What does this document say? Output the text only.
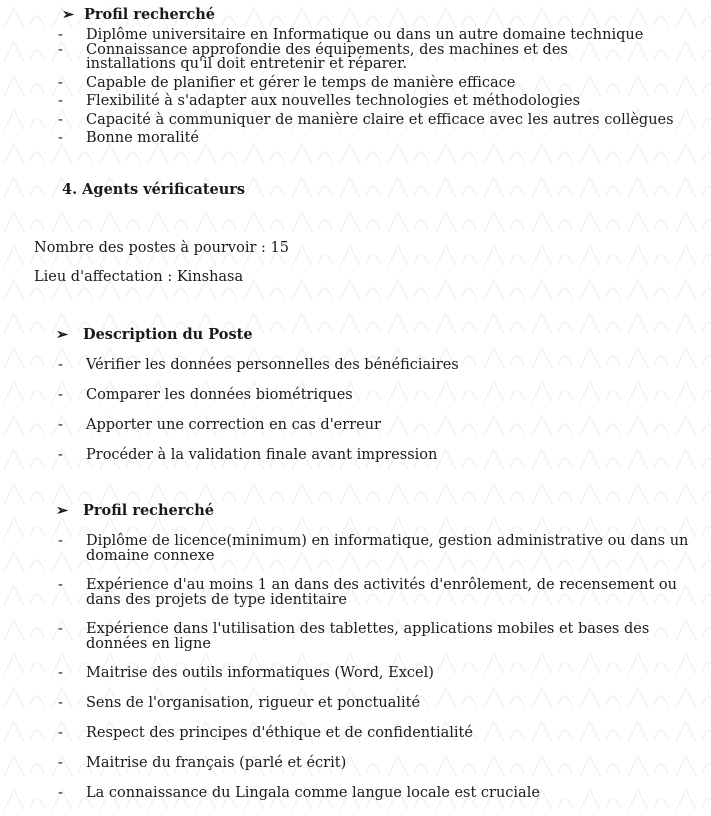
➢ Profil recherché
- Diplôme universitaire en Informatique ou dans un autre domaine technique
- Connaissance approfondie des équipements, des machines et des installations qu'il doit entretenir et réparer.
- Capable de planifier et gérer le temps de manière efficace
- Flexibilité à s'adapter aux nouvelles technologies et méthodologies
- Capacité à communiquer de manière claire et efficace avec les autres collègues
- Bonne moralité
4. Agents vérificateurs
Nombre des postes à pourvoir : 15
Lieu d'affectation : Kinshasa
➢ Description du Poste
- Vérifier les données personnelles des bénéficiaires
- Comparer les données biométriques
- Apporter une correction en cas d'erreur
- Procéder à la validation finale avant impression
➢ Profil recherché
- Diplôme de licence(minimum) en informatique, gestion administrative ou dans un domaine connexe
- Expérience d'au moins 1 an dans des activités d'enrôlement, de recensement ou dans des projets de type identitaire
- Expérience dans l'utilisation des tablettes, applications mobiles et bases des données en ligne
- Maitrise des outils informatiques (Word, Excel)
- Sens de l'organisation, rigueur et ponctualité
- Respect des principes d'éthique et de confidentialité
- Maitrise du français (parlé et écrit)
- La connaissance du Lingala comme langue locale est cruciale
